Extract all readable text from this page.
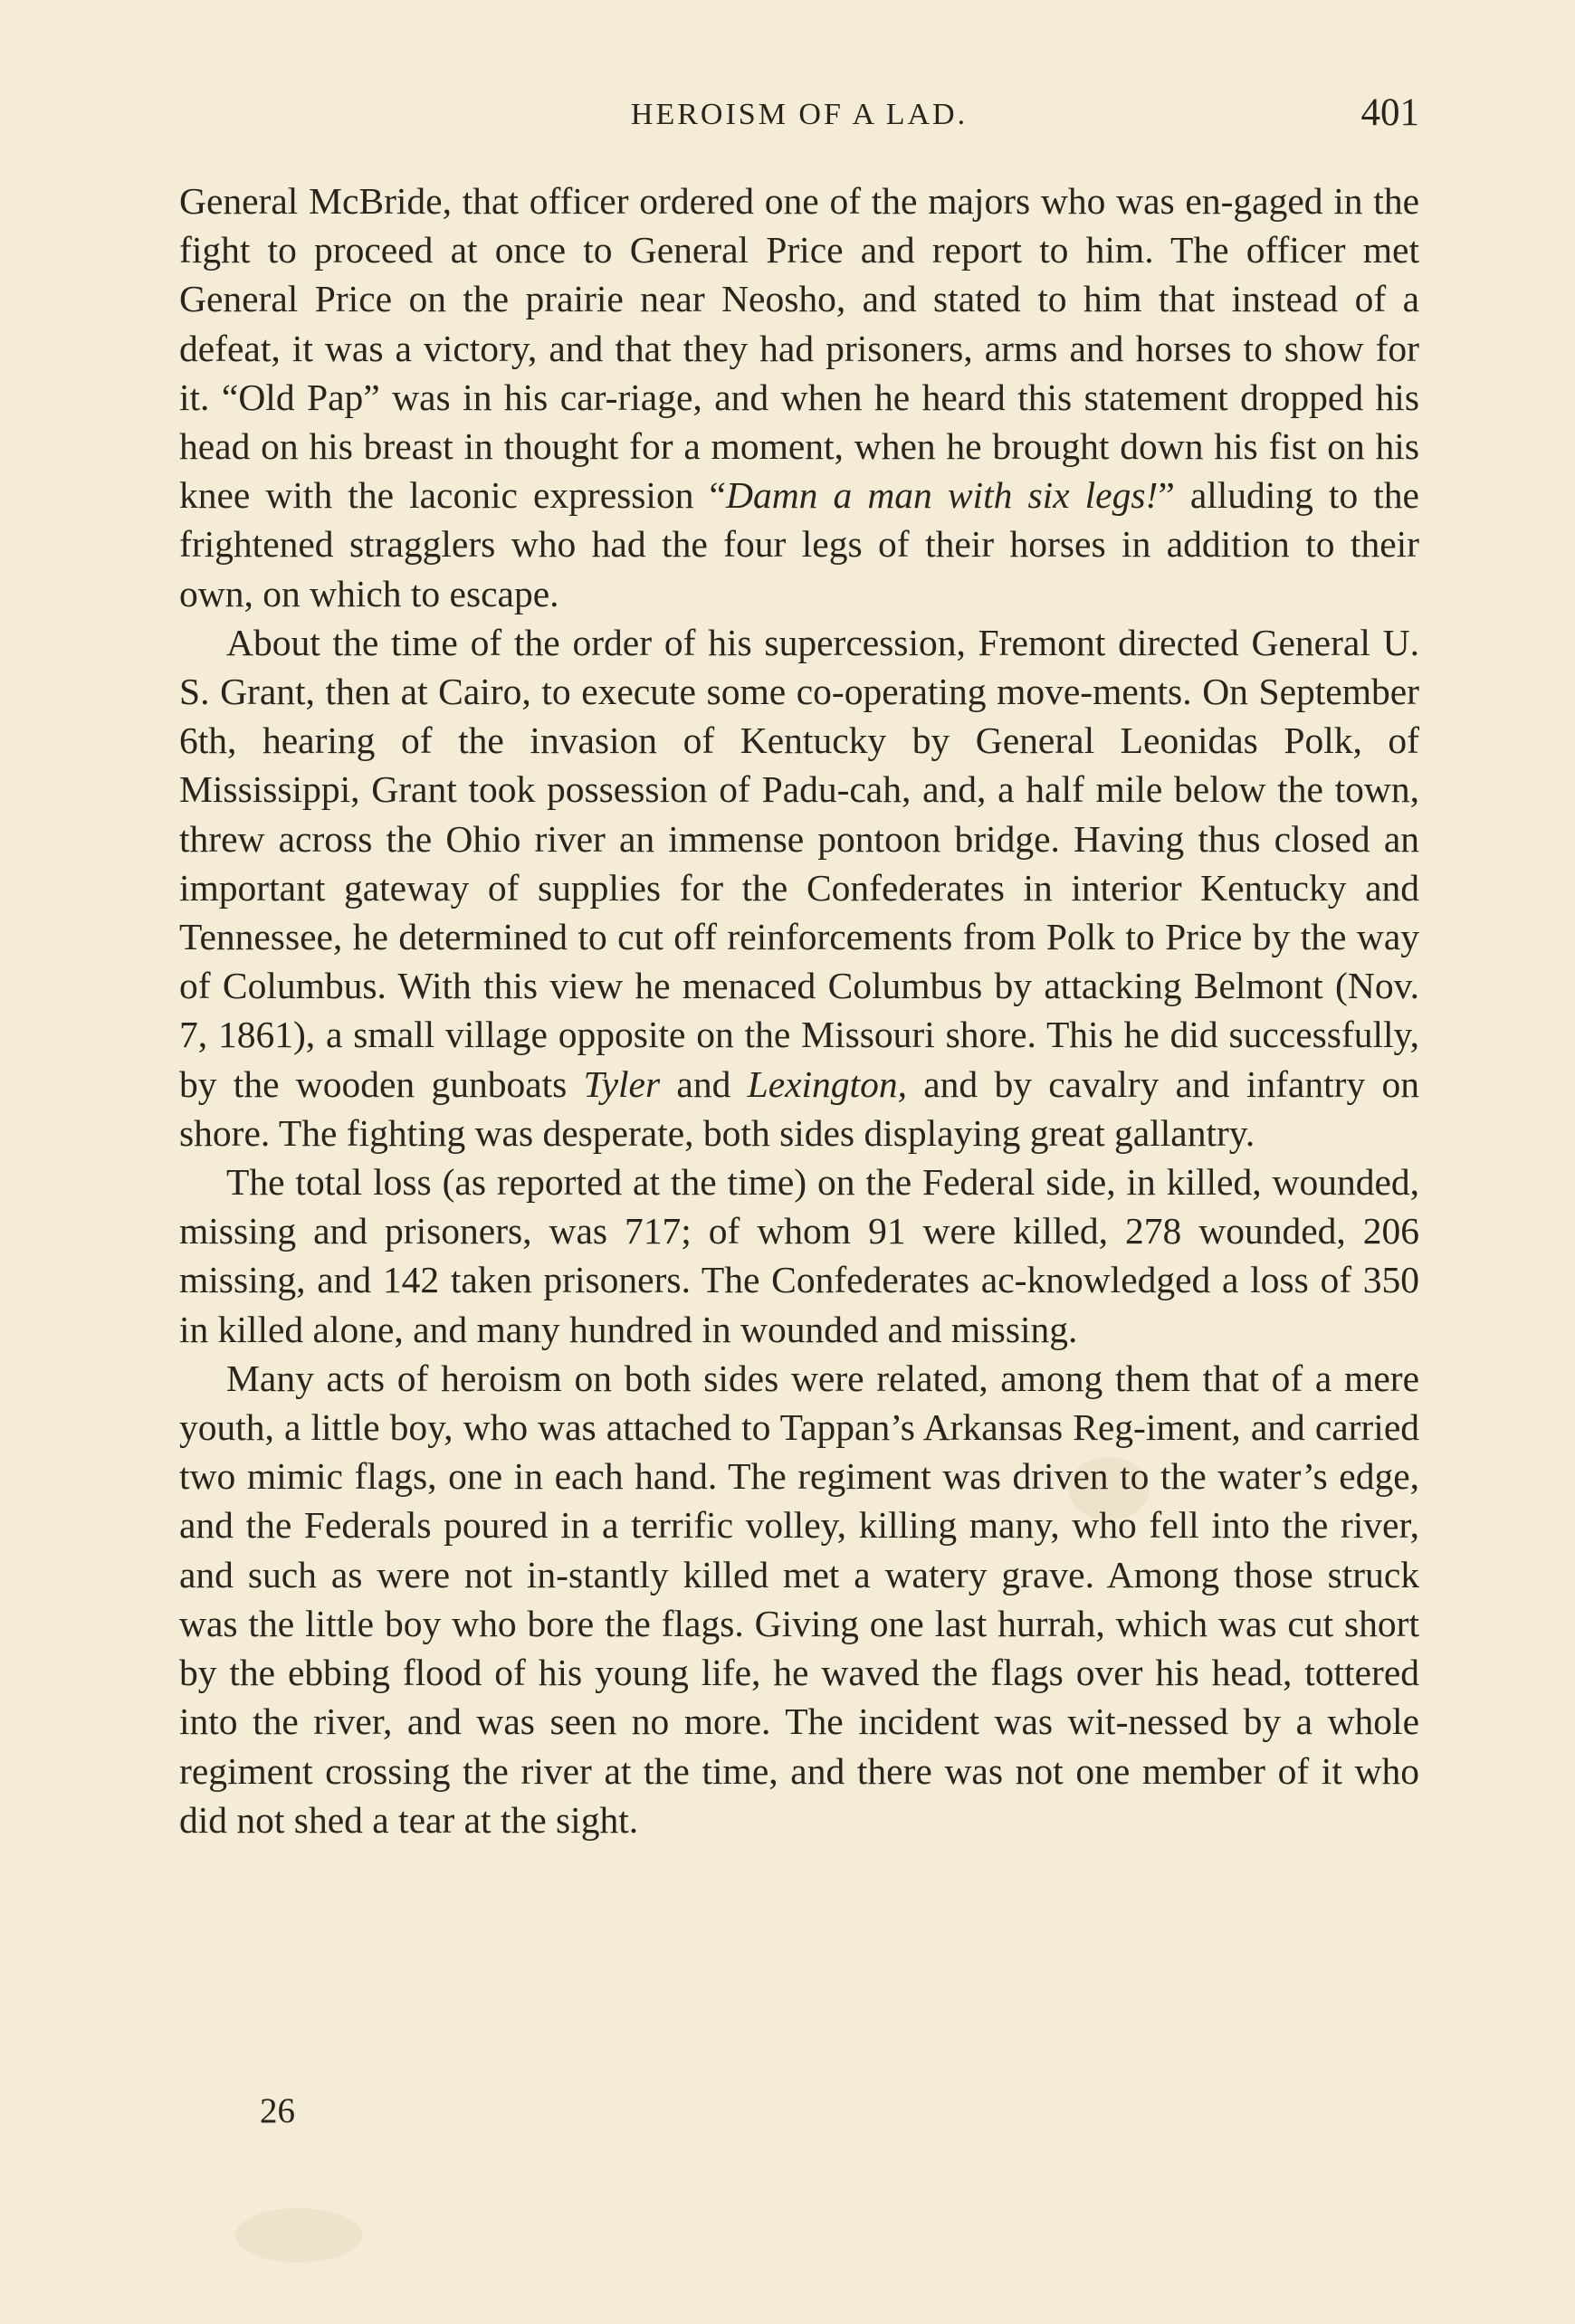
HEROISM OF A LAD.	401

General McBride, that officer ordered one of the majors who was en-gaged in the fight to proceed at once to General Price and report to him. The officer met General Price on the prairie near Neosho, and stated to him that instead of a defeat, it was a victory, and that they had prisoners, arms and horses to show for it. “Old Pap” was in his car-riage, and when he heard this statement dropped his head on his breast in thought for a moment, when he brought down his fist on his knee with the laconic expression “Damn a man with six legs!” alluding to the frightened stragglers who had the four legs of their horses in addition to their own, on which to escape.

About the time of the order of his supercession, Fremont directed General U. S. Grant, then at Cairo, to execute some co-operating move-ments. On September 6th, hearing of the invasion of Kentucky by General Leonidas Polk, of Mississippi, Grant took possession of Padu-cah, and, a half mile below the town, threw across the Ohio river an immense pontoon bridge. Having thus closed an important gateway of supplies for the Confederates in interior Kentucky and Tennessee, he determined to cut off reinforcements from Polk to Price by the way of Columbus. With this view he menaced Columbus by attacking Belmont (Nov. 7, 1861), a small village opposite on the Missouri shore. This he did successfully, by the wooden gunboats Tyler and Lexington, and by cavalry and infantry on shore. The fighting was desperate, both sides displaying great gallantry.

The total loss (as reported at the time) on the Federal side, in killed, wounded, missing and prisoners, was 717; of whom 91 were killed, 278 wounded, 206 missing, and 142 taken prisoners. The Confederates ac-knowledged a loss of 350 in killed alone, and many hundred in wounded and missing.

Many acts of heroism on both sides were related, among them that of a mere youth, a little boy, who was attached to Tappan’s Arkansas Reg-iment, and carried two mimic flags, one in each hand. The regiment was driven to the water’s edge, and the Federals poured in a terrific volley, killing many, who fell into the river, and such as were not in-stantly killed met a watery grave. Among those struck was the little boy who bore the flags. Giving one last hurrah, which was cut short by the ebbing flood of his young life, he waved the flags over his head, tottered into the river, and was seen no more. The incident was wit-nessed by a whole regiment crossing the river at the time, and there was not one member of it who did not shed a tear at the sight.

26
